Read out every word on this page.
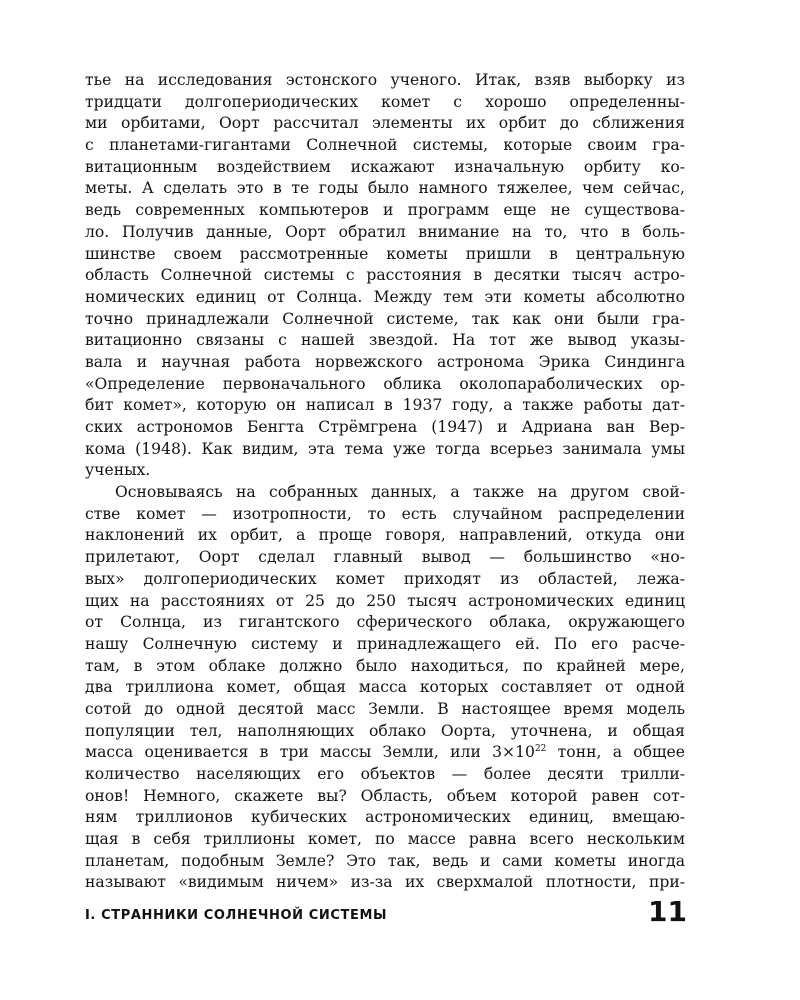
тье на исследования эстонского ученого. Итак, взяв выборку из
тридцати долгопериодических комет с хорошо определенны-
ми орбитами, Оорт рассчитал элементы их орбит до сближения
с планетами-гигантами Солнечной системы, которые своим гра-
витационным воздействием искажают изначальную орбиту ко-
меты. А сделать это в те годы было намного тяжелее, чем сейчас,
ведь современных компьютеров и программ еще не существова-
ло. Получив данные, Оорт обратил внимание на то, что в боль-
шинстве своем рассмотренные кометы пришли в центральную
область Солнечной системы с расстояния в десятки тысяч астро-
номических единиц от Солнца. Между тем эти кометы абсолютно
точно принадлежали Солнечной системе, так как они были гра-
витационно связаны с нашей звездой. На тот же вывод указы-
вала и научная работа норвежского астронома Эрика Синдинга
«Определение первоначального облика околопараболических ор-
бит комет», которую он написал в 1937 году, а также работы дат-
ских астрономов Бенгта Стрёмгрена (1947) и Адриана ван Вер-
кома (1948). Как видим, эта тема уже тогда всерьез занимала умы
ученых.
Основываясь на собранных данных, а также на другом свой-
стве комет — изотропности, то есть случайном распределении
наклонений их орбит, а проще говоря, направлений, откуда они
прилетают, Оорт сделал главный вывод — большинство «но-
вых» долгопериодических комет приходят из областей, лежа-
щих на расстояниях от 25 до 250 тысяч астрономических единиц
от Солнца, из гигантского сферического облака, окружающего
нашу Солнечную систему и принадлежащего ей. По его расче-
там, в этом облаке должно было находиться, по крайней мере,
два триллиона комет, общая масса которых составляет от одной
сотой до одной десятой масс Земли. В настоящее время модель
популяции тел, наполняющих облако Оорта, уточнена, и общая
масса оценивается в три массы Земли, или $3\times 10^{22}$ тонн, а общее
количество населяющих его объектов — более десяти трилли-
онов! Немного, скажете вы? Область, объем которой равен сот-
ням триллионов кубических астрономических единиц, вмещаю-
щая в себя триллионы комет, по массе равна всего нескольким
планетам, подобным Земле? Это так, ведь и сами кометы иногда
называют «видимым ничем» из-за их сверхмалой плотности, при-
I. СТРАННИКИ СОЛНЕЧНОЙ СИСТЕМЫ	11
